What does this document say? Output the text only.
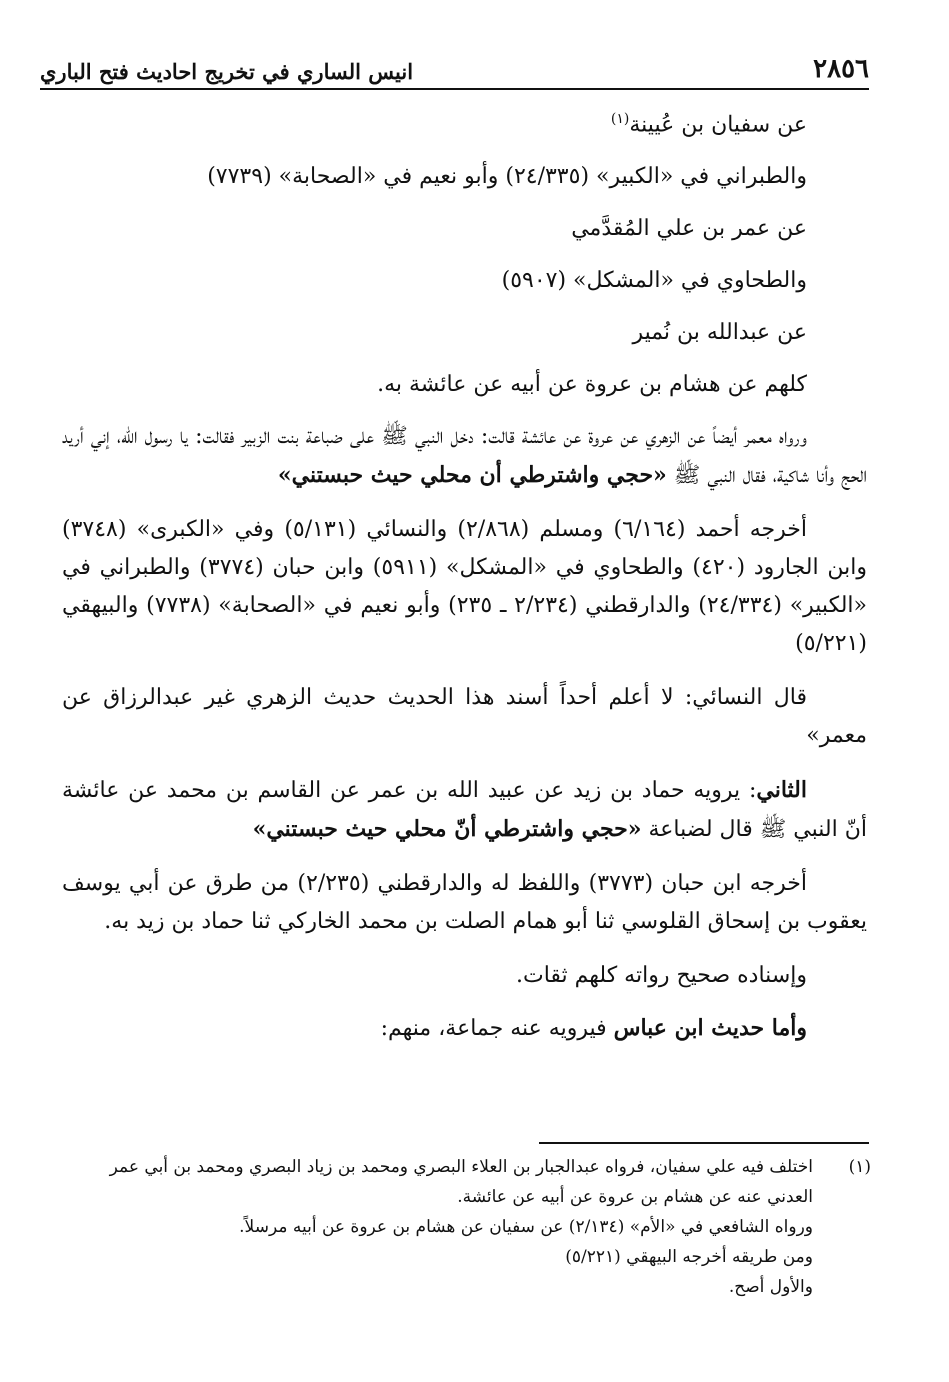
٢٨٥٦
انيس الساري في تخريج احاديث فتح الباري

عن سفيان بن عُيينة$^{(١)}$

والطبراني في «الكبير» (٢٤/٣٣٥) وأبو نعيم في «الصحابة» (٧٧٣٩)

عن عمر بن علي المُقدَّمي

والطحاوي في «المشكل» (٥٩٠٧)

عن عبدالله بن نُمير

كلهم عن هشام بن عروة عن أبيه عن عائشة به.

ورواه معمر أيضاً عن الزهري عن عروة عن عائشة قالت: دخل النبي ﷺ على ضباعة بنت الزبير فقالت: يا رسول الله، إني أريد الحج وأنا شاكية، فقال النبي ﷺ «حجي واشترطي أن محلي حيث حبستني»

أخرجه أحمد (٦/١٦٤) ومسلم (٢/٨٦٨) والنسائي (٥/١٣١) وفي «الكبرى» (٣٧٤٨) وابن الجارود (٤٢٠) والطحاوي في «المشكل» (٥٩١١) وابن حبان (٣٧٧٤) والطبراني في «الكبير» (٢٤/٣٣٤) والدارقطني (٢/٢٣٤ ـ ٢٣٥) وأبو نعيم في «الصحابة» (٧٧٣٨) والبيهقي (٥/٢٢١)

قال النسائي: لا أعلم أحداً أسند هذا الحديث حديث الزهري غير عبدالرزاق عن معمر»

الثاني: يرويه حماد بن زيد عن عبيد الله بن عمر عن القاسم بن محمد عن عائشة أنّ النبي ﷺ قال لضباعة «حجي واشترطي أنّ محلي حيث حبستني»

أخرجه ابن حبان (٣٧٧٣) واللفظ له والدارقطني (٢/٢٣٥) من طرق عن أبي يوسف يعقوب بن إسحاق القلوسي ثنا أبو همام الصلت بن محمد الخاركي ثنا حماد بن زيد به.

وإسناده صحيح رواته كلهم ثقات.

وأما حديث ابن عباس فيرويه عنه جماعة، منهم:

(١)

اختلف فيه علي سفيان، فرواه عبدالجبار بن العلاء البصري ومحمد بن زياد البصري ومحمد بن أبي عمر العدني عنه عن هشام بن عروة عن أبيه عن عائشة.

ورواه الشافعي في «الأم» (٢/١٣٤) عن سفيان عن هشام بن عروة عن أبيه مرسلاً.

ومن طريقه أخرجه البيهقي (٥/٢٢١)

والأول أصح.
